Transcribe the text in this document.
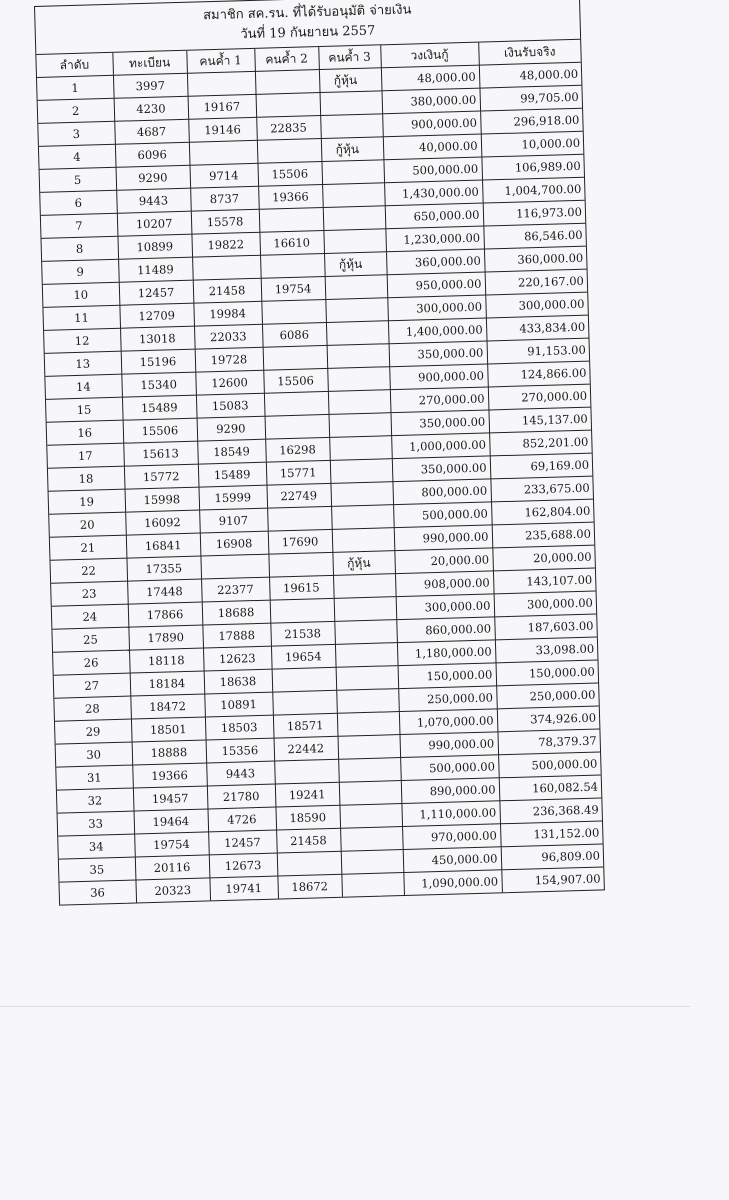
สมาชิก สค.รน. ที่ได้รับอนุมัติ จ่ายเงิน
วันที่ 19 กันยายน 2557
ลำดับ	ทะเบียน	คนค้ำ 1	คนค้ำ 2	คนค้ำ 3	วงเงินกู้	เงินรับจริง
1	3997			กู้หุ้น	48,000.00	48,000.00
2	4230	19167			380,000.00	99,705.00
3	4687	19146	22835		900,000.00	296,918.00
4	6096			กู้หุ้น	40,000.00	10,000.00
5	9290	9714	15506		500,000.00	106,989.00
6	9443	8737	19366		1,430,000.00	1,004,700.00
7	10207	15578			650,000.00	116,973.00
8	10899	19822	16610		1,230,000.00	86,546.00
9	11489			กู้หุ้น	360,000.00	360,000.00
10	12457	21458	19754		950,000.00	220,167.00
11	12709	19984			300,000.00	300,000.00
12	13018	22033	6086		1,400,000.00	433,834.00
13	15196	19728			350,000.00	91,153.00
14	15340	12600	15506		900,000.00	124,866.00
15	15489	15083			270,000.00	270,000.00
16	15506	9290			350,000.00	145,137.00
17	15613	18549	16298		1,000,000.00	852,201.00
18	15772	15489	15771		350,000.00	69,169.00
19	15998	15999	22749		800,000.00	233,675.00
20	16092	9107			500,000.00	162,804.00
21	16841	16908	17690		990,000.00	235,688.00
22	17355			กู้หุ้น	20,000.00	20,000.00
23	17448	22377	19615		908,000.00	143,107.00
24	17866	18688			300,000.00	300,000.00
25	17890	17888	21538		860,000.00	187,603.00
26	18118	12623	19654		1,180,000.00	33,098.00
27	18184	18638			150,000.00	150,000.00
28	18472	10891			250,000.00	250,000.00
29	18501	18503	18571		1,070,000.00	374,926.00
30	18888	15356	22442		990,000.00	78,379.37
31	19366	9443			500,000.00	500,000.00
32	19457	21780	19241		890,000.00	160,082.54
33	19464	4726	18590		1,110,000.00	236,368.49
34	19754	12457	21458		970,000.00	131,152.00
35	20116	12673			450,000.00	96,809.00
36	20323	19741	18672		1,090,000.00	154,907.00
